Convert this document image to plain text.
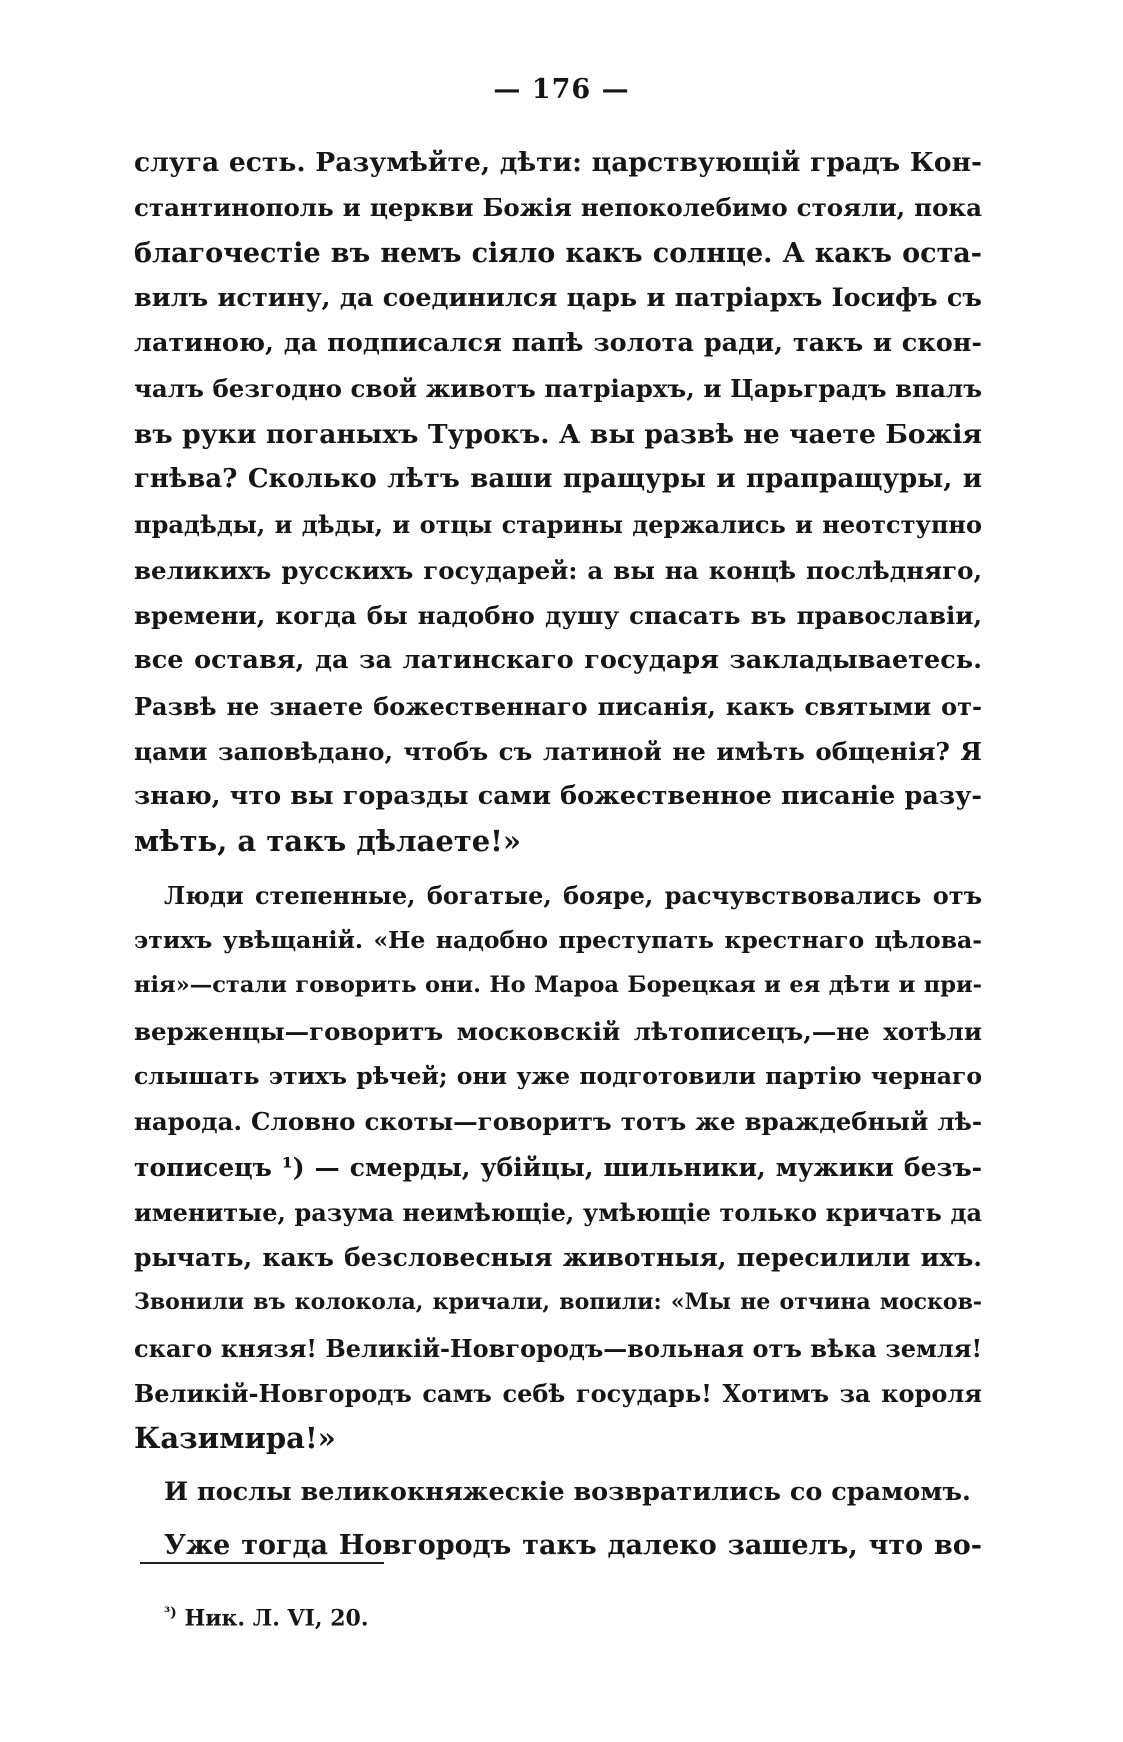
— 176 —
слуга есть. Разумѣйте, дѣти: царствующій градъ Кон-
стантинополь и церкви Божія непоколебимо стояли, пока
благочестіе въ немъ сіяло какъ солнце. А какъ оста-
вилъ истину, да соединился царь и патріархъ Іосифъ съ
латиною, да подписался папѣ золота ради, такъ и скон-
чалъ безгодно свой животъ патріархъ, и Царьградъ впалъ
въ руки поганыхъ Турокъ. А вы развѣ не чаете Божія
гнѣва? Сколько лѣтъ ваши пращуры и прапращуры, и
прадѣды, и дѣды, и отцы старины держались и неотступно
великихъ русскихъ государей: а вы на концѣ послѣдняго,
времени, когда бы надобно душу спасать въ православіи,
все оставя, да за латинскаго государя закладываетесь.
Развѣ не знаете божественнаго писанія, какъ святыми от-
цами заповѣдано, чтобъ съ латиной не имѣть общенія? Я
знаю, что вы горазды сами божественное писаніе разу-
мѣть, а такъ дѣлаете!»
Люди степенные, богатые, бояре, расчувствовались отъ
этихъ увѣщаній. «Не надобно преступать крестнаго цѣлова-
нія»—стали говорить они. Но Мароа Борецкая и ея дѣти и при-
верженцы—говоритъ московскій лѣтописецъ,—не хотѣли
слышать этихъ рѣчей; они уже подготовили партію чернаго
народа. Словно скоты—говоритъ тотъ же враждебный лѣ-
тописецъ ¹) — смерды, убійцы, шильники, мужики безъ-
именитые, разума неимѣющіе, умѣющіе только кричать да
рычать, какъ безсловесныя животныя, пересилили ихъ.
Звонили въ колокола, кричали, вопили: «Мы не отчина москов-
скаго князя! Великій-Новгородъ—вольная отъ вѣка земля!
Великій-Новгородъ самъ себѣ государь! Хотимъ за короля
Казимира!»
И послы великокняжескіе возвратились со срамомъ.
Уже тогда Новгородъ такъ далеко зашелъ, что во-
$^{^3)}$ Ник. Л. VI, 20.
